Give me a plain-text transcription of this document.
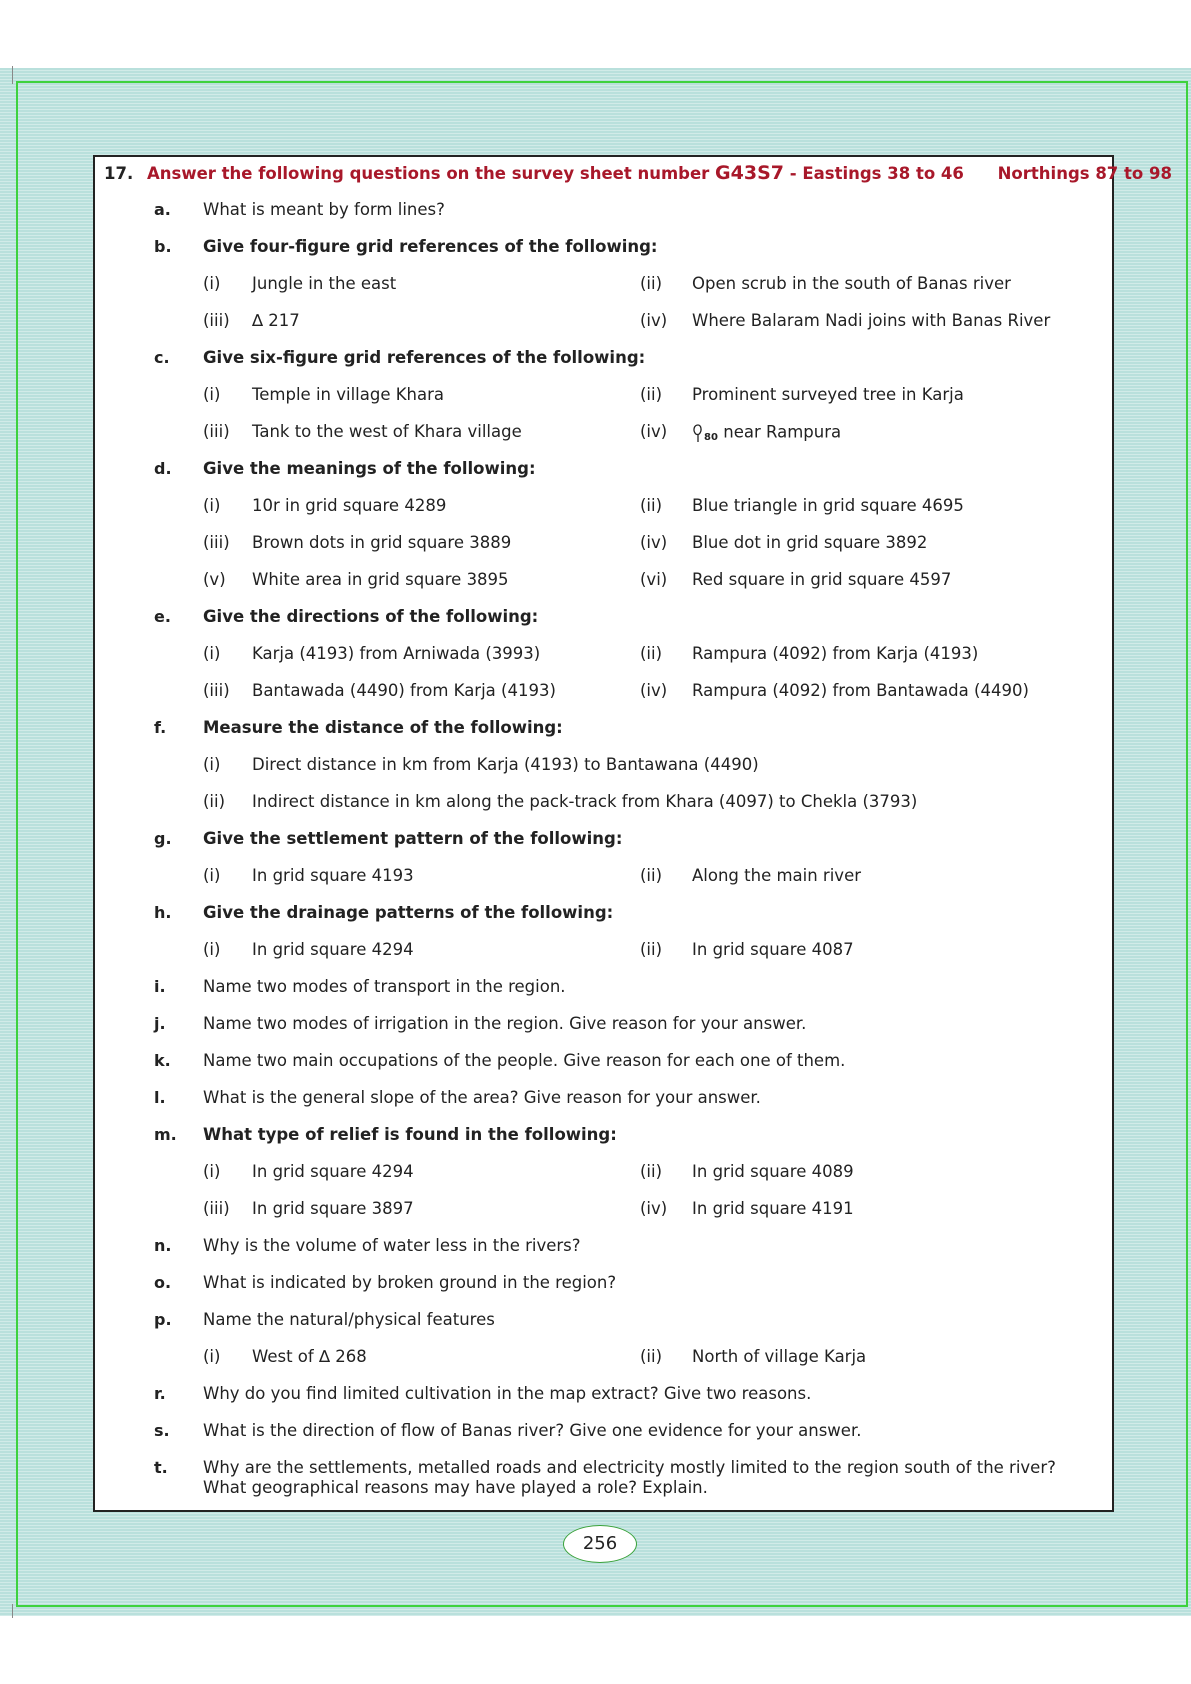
17. Answer the following questions on the survey sheet number G43S7 - Eastings 38 to 46 Northings 87 to 98
a. What is meant by form lines?
b. Give four-figure grid references of the following:
(i) Jungle in the east	(ii) Open scrub in the south of Banas river
(iii) ∆ 217	(iv) Where Balaram Nadi joins with Banas River
c. Give six-figure grid references of the following:
(i) Temple in village Khara	(ii) Prominent surveyed tree in Karja
(iii) Tank to the west of Khara village	(iv)	80 near Rampura
d. Give the meanings of the following:
(i) 10r in grid square 4289	(ii) Blue triangle in grid square 4695
(iii) Brown dots in grid square 3889	(iv) Blue dot in grid square 3892
(v) White area in grid square 3895	(vi) Red square in grid square 4597
e. Give the directions of the following:
(i) Karja (4193) from Arniwada (3993)	(ii) Rampura (4092) from Karja (4193)
(iii) Bantawada (4490) from Karja (4193)	(iv) Rampura (4092) from Bantawada (4490)
f. Measure the distance of the following:
(i) Direct distance in km from Karja (4193) to Bantawana (4490)
(ii) Indirect distance in km along the pack-track from Khara (4097) to Chekla (3793)
g. Give the settlement pattern of the following:
(i) In grid square 4193	(ii) Along the main river
h. Give the drainage patterns of the following:
(i) In grid square 4294	(ii) In grid square 4087
i. Name two modes of transport in the region.
j. Name two modes of irrigation in the region. Give reason for your answer.
k. Name two main occupations of the people. Give reason for each one of them.
l. What is the general slope of the area? Give reason for your answer.
m. What type of relief is found in the following:
(i) In grid square 4294	(ii) In grid square 4089
(iii) In grid square 3897	(iv) In grid square 4191
n. Why is the volume of water less in the rivers?
o. What is indicated by broken ground in the region?
p. Name the natural/physical features
(i) West of ∆ 268	(ii) North of village Karja
r. Why do you find limited cultivation in the map extract? Give two reasons.
s. What is the direction of flow of Banas river? Give one evidence for your answer.
t. Why are the settlements, metalled roads and electricity mostly limited to the region south of the river? What geographical reasons may have played a role? Explain.
256
